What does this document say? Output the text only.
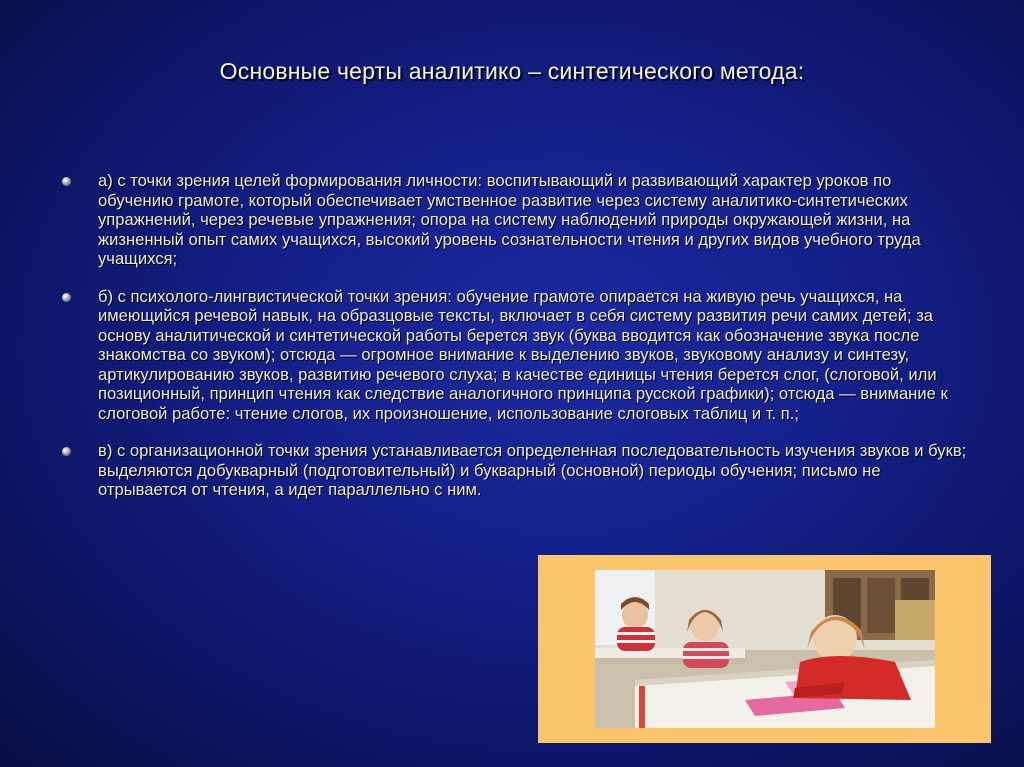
Основные черты аналитико – синтетического метода:
а) с точки зрения целей формирования личности: воспитывающий и развивающий характер уроков по обучению грамоте, который обеспечивает умственное развитие через систему аналитико-синтетических упражнений, через речевые упражнения; опора на систему наблюдений природы окружающей жизни, на жизненный опыт самих учащихся, высокий уровень сознательности чтения и других видов учебного труда учащихся;
б) с психолого-лингвистической точки зрения: обучение грамоте опирается на живую речь учащихся, на имеющийся речевой навык, на образцовые тексты, включает в себя систему развития речи самих детей; за основу аналитической и синтетической работы берется звук (буква вводится как обозначение звука после знакомства со звуком); отсюда — огромное внимание к выделению звуков, звуковому анализу и синтезу, артикулированию звуков, развитию речевого слуха; в качестве единицы чтения берется слог, (слоговой, или позиционный, принцип чтения как следствие аналогичного принципа русской графики); отсюда — внимание к слоговой работе: чтение слогов, их произношение, использование слоговых таблиц и т. п.;
в) с организационной точки зрения устанавливается определенная последовательность изучения звуков и букв; выделяются добукварный (подготовительный) и букварный (основной) периоды обучения; письмо не отрывается от чтения, а идет параллельно с ним.
